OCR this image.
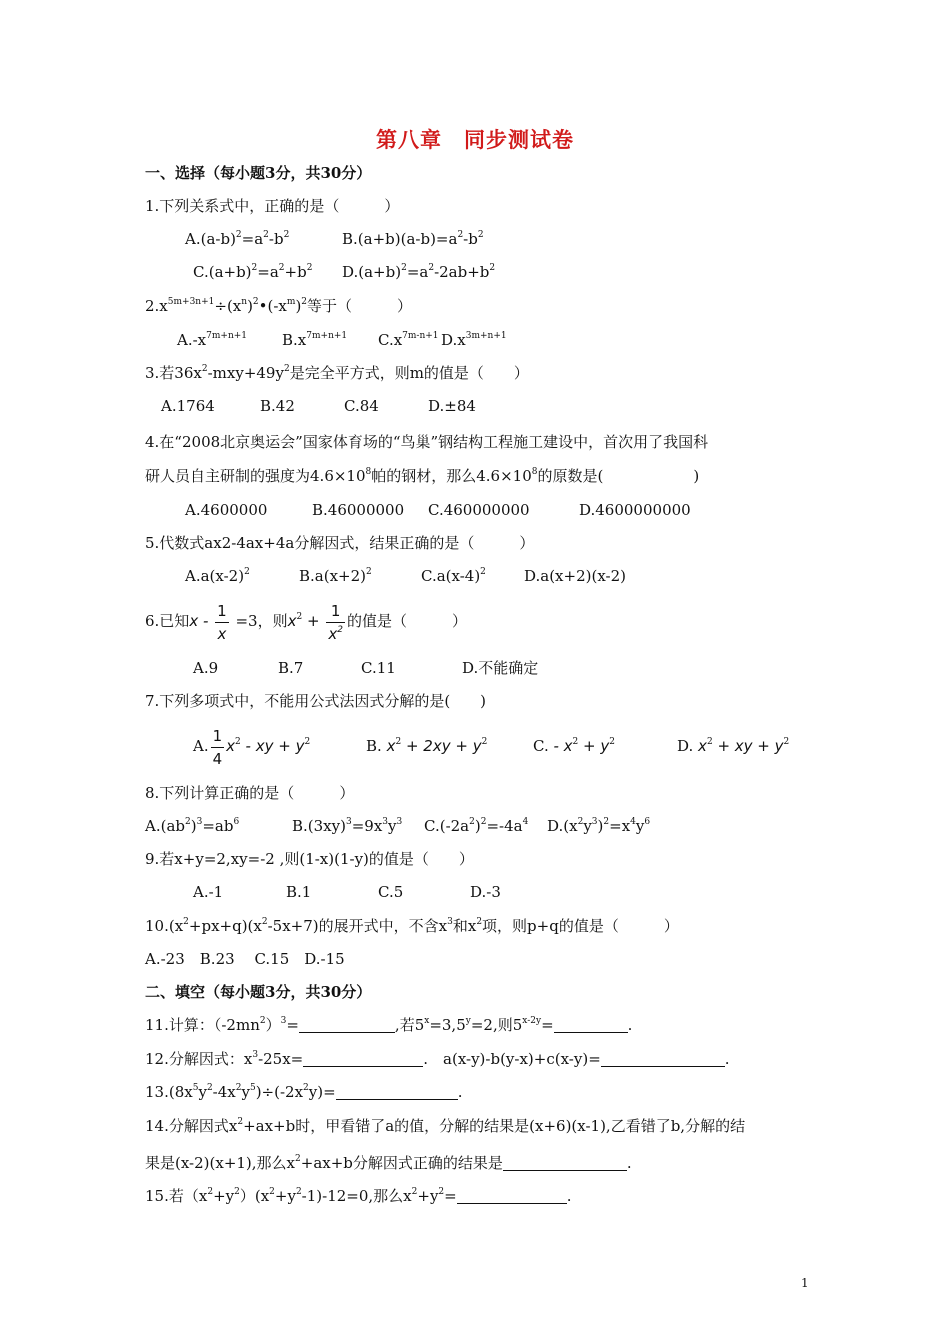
第八章　同步测试卷
一、选择（每小题3分，共30分）
1.下列关系式中，正确的是（　　　）
$A.(a-b)^2=a^2-b^2$	$B.(a+b)(a-b)=a^2-b^2$
$C.(a+b)^2=a^2+b^2$ $D.(a+b)^2=a^2-2ab+b^2$
$2.x^{5m+3n+1}\div(x^n)^2•(-x^m)^2$等于（　　　）
$A.-x^{7m+n+1}$ $B.x^{7m+n+1}$ $C.x^{7m-n+1}$ $D.x^{3m+n+1}$
3.若$36x^2-mxy+49y^2$是完全平方式，则m的值是（　　）
A.1764	B.42	C.84	D.±84
4.在“2008北京奥运会”国家体育场的“鸟巢”钢结构工程施工建设中，首次用了我国科
研人员自主研制的强度为$4.6\times 10^8$帕的钢材，那么$4.6\times 10^8$的原数是(　　　　　　)
A.4600000	B.46000000 C.460000000	D.4600000000
5.代数式ax2-4ax+4a分解因式，结果正确的是（　　　）
$A.a(x-2)^2$	$B.a(x+2)^2$	$C.a(x-4)^2$	D.a(x+2)(x-2)
6.已知$x - \frac{1}{x} =3$，则$x^2 + \frac{1}{x^2}$ 的值是（　　　）
A.9	B.7	C.11	D.不能确定
7.下列多项式中，不能用公式法因式分解的是(　　)
A. $\frac{1}{4} x^2$ - xy + $y^2$	B. $x^2 + 2xy + y^2$	C. - $x^2 + y^2$	D. $x^2$ + xy + $y^2$
8.下列计算正确的是（　　　）
$A.(ab^2)^3=ab^6$	$B.(3xy)^3=9x^3y^3$ $C.(-2a^2)^2=-4a^4$ $D.(x^2y^3)^2=x^4y^6$
9.若x+y=2,xy=-2 ,则(1-x)(1-y)的值是（　　）
A.-1	B.1	C.5	D.-3
$10.(x^2+px+q)(x^2-5x+7)$的展开式中，不含$x^3$和$x^2$项，则p+q的值是（　　　）
A.-23　 B.23　 C.15　 D.-15
二、填空（每小题3分，共30分）
11.计算：$(-2mn^2)^3=$	,若$5^x=3,5^y=2$,则$5^{x-2y}=$	.
12.分解因式：$x^3-25x=$	.　a(x-y)-b(y-x)+c(x-y)=	.
$13.(8x^5y^2-4x^2y^5)\div(-2x^2y)=$	.
14.分解因式$x^2+ax+b$时，甲看错了a的值，分解的结果是(x+6)(x-1),乙看错了b,分解的结
果是(x-2)(x+1),那么$x^2+ax+b$分解因式正确的结果是	.
15.若$(x^2+y^2)(x^2+y^2-1)-12=0$,那么$x^2+y^2=$	.
1
